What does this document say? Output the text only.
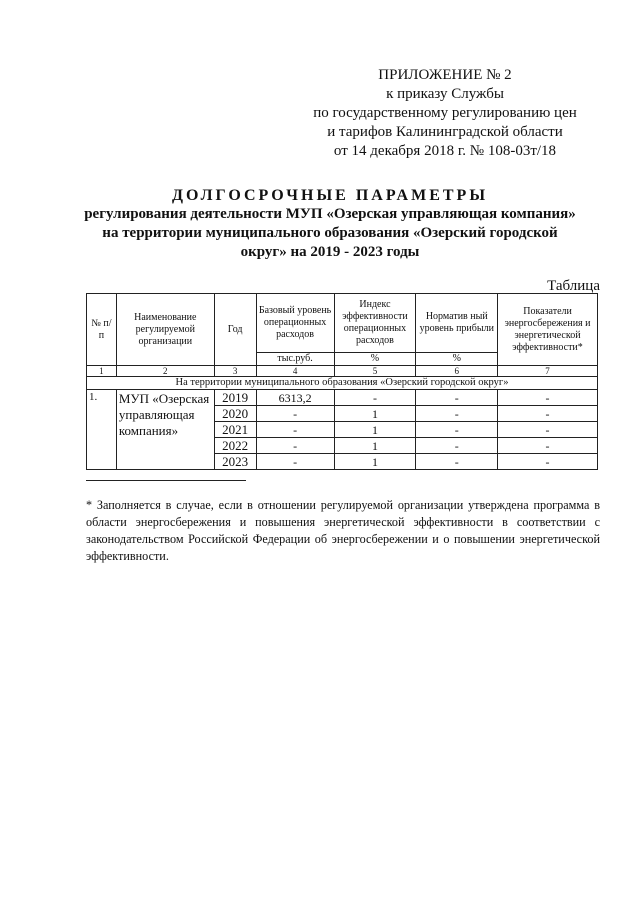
ПРИЛОЖЕНИЕ № 2
к приказу Службы
по государственному регулированию цен
и тарифов Калининградской области
от 14 декабря 2018 г. № 108-03т/18
ДОЛГОСРОЧНЫЕ ПАРАМЕТРЫ
регулирования деятельности МУП «Озерская управляющая компания»
на территории муниципального образования «Озерский городской
округ» на 2019 - 2023 годы
Таблица
№ п/п	Наименование регулируемой организации	Год	Базовый уровень операционных расходов	Индекс эффективности операционных расходов	Норматив ный уровень прибыли	Показатели энергосбережения и энергетической эффективности*
			тыс.руб.	%	%	
1	2	3	4	5	6	7
На территории муниципального образования «Озерский городской округ»						
1.	МУП «Озерская управляющая компания»	2019	6313,2	-	-	-
		2020	-	1	-	-
		2021	-	1	-	-
		2022	-	1	-	-
		2023	-	1	-	-
* Заполняется в случае, если в отношении регулируемой организации утверждена программа в области энергосбережения и повышения энергетической эффективности в соответствии с законодательством Российской Федерации об энергосбережении и о повышении энергетической эффективности.
